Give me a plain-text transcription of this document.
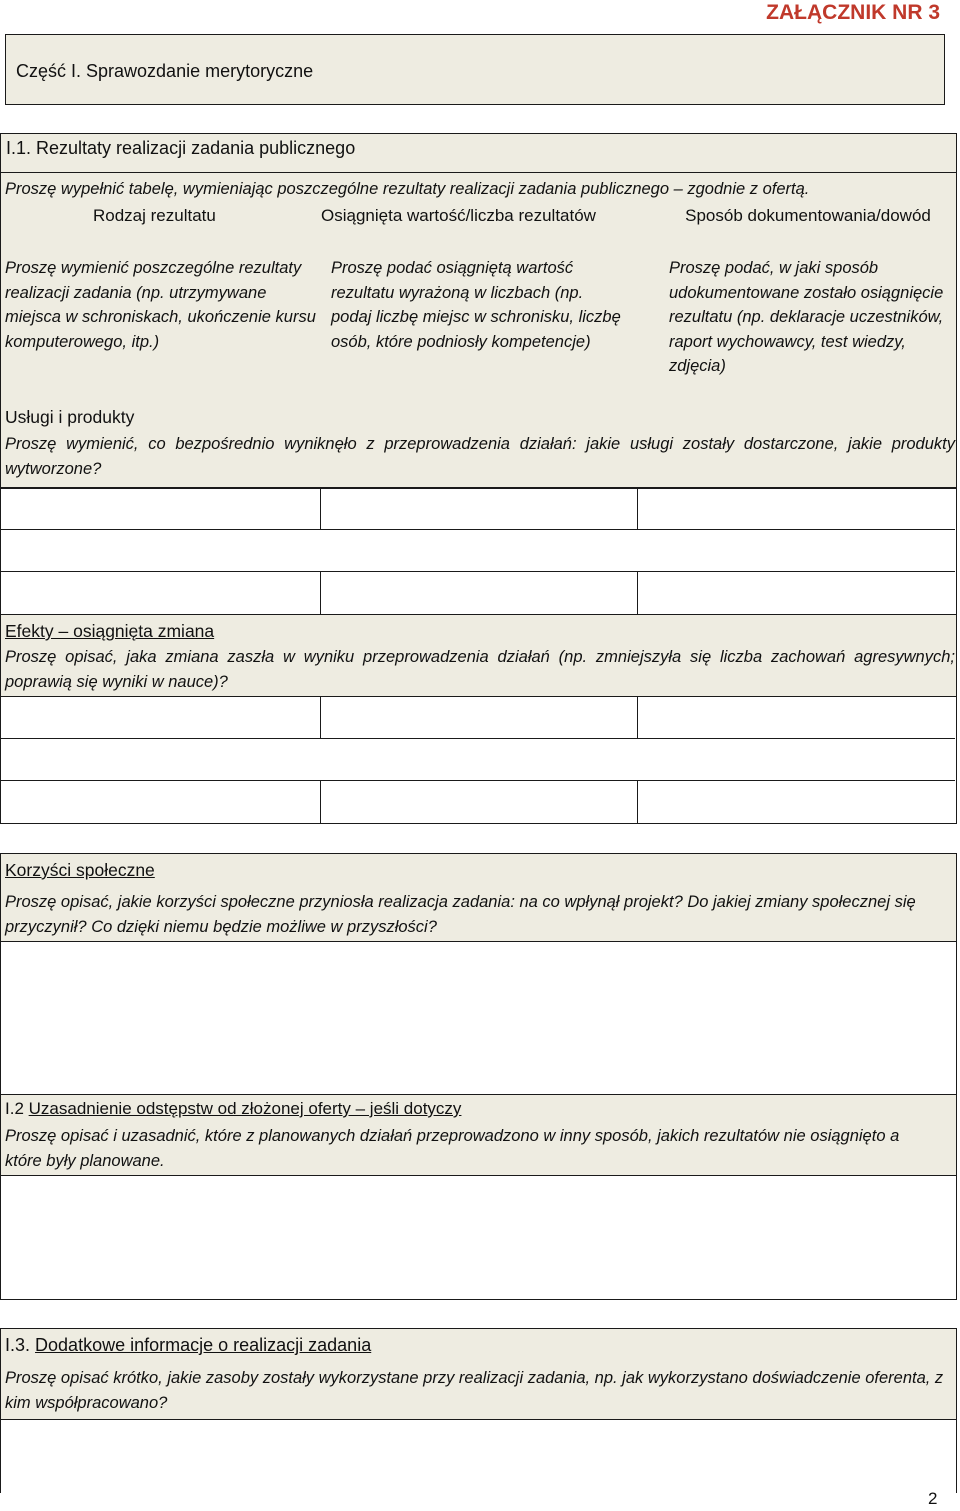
ZAŁĄCZNIK NR 3
Część I. Sprawozdanie merytoryczne
I.1. Rezultaty realizacji zadania publicznego
Proszę wypełnić tabelę, wymieniając poszczególne rezultaty realizacji zadania publicznego – zgodnie z ofertą.
Rodzaj rezultatu	Osiągnięta wartość/liczba rezultatów	Sposób dokumentowania/dowód
Proszę wymienić poszczególne rezultaty realizacji zadania (np. utrzymywane miejsca w schroniskach, ukończenie kursu komputerowego, itp.)
Proszę podać osiągniętą wartość rezultatu wyrażoną w liczbach (np. podaj liczbę miejsc w schronisku, liczbę osób, które podniosły kompetencje)
Proszę podać, w jaki sposób udokumentowane zostało osiągnięcie rezultatu (np. deklaracje uczestników, raport wychowawcy, test wiedzy, zdjęcia)
Usługi i produkty
Proszę wymienić, co bezpośrednio wyniknęło z przeprowadzenia działań: jakie usługi zostały dostarczone, jakie produkty wytworzone?
Efekty – osiągnięta zmiana
Proszę opisać, jaka zmiana zaszła w wyniku przeprowadzenia działań (np. zmniejszyła się liczba zachowań agresywnych; poprawią się wyniki w nauce)?
Korzyści społeczne
Proszę opisać, jakie korzyści społeczne przyniosła realizacja zadania: na co wpłynął projekt? Do jakiej zmiany społecznej się przyczynił? Co dzięki niemu będzie możliwe w przyszłości?
I.2 Uzasadnienie odstępstw od złożonej oferty – jeśli dotyczy
Proszę opisać i uzasadnić, które z planowanych działań przeprowadzono w inny sposób, jakich rezultatów nie osiągnięto a które były planowane.
I.3. Dodatkowe informacje o realizacji zadania
Proszę opisać krótko, jakie zasoby zostały wykorzystane przy realizacji zadania, np. jak wykorzystano doświadczenie oferenta, z kim współpracowano?
2
